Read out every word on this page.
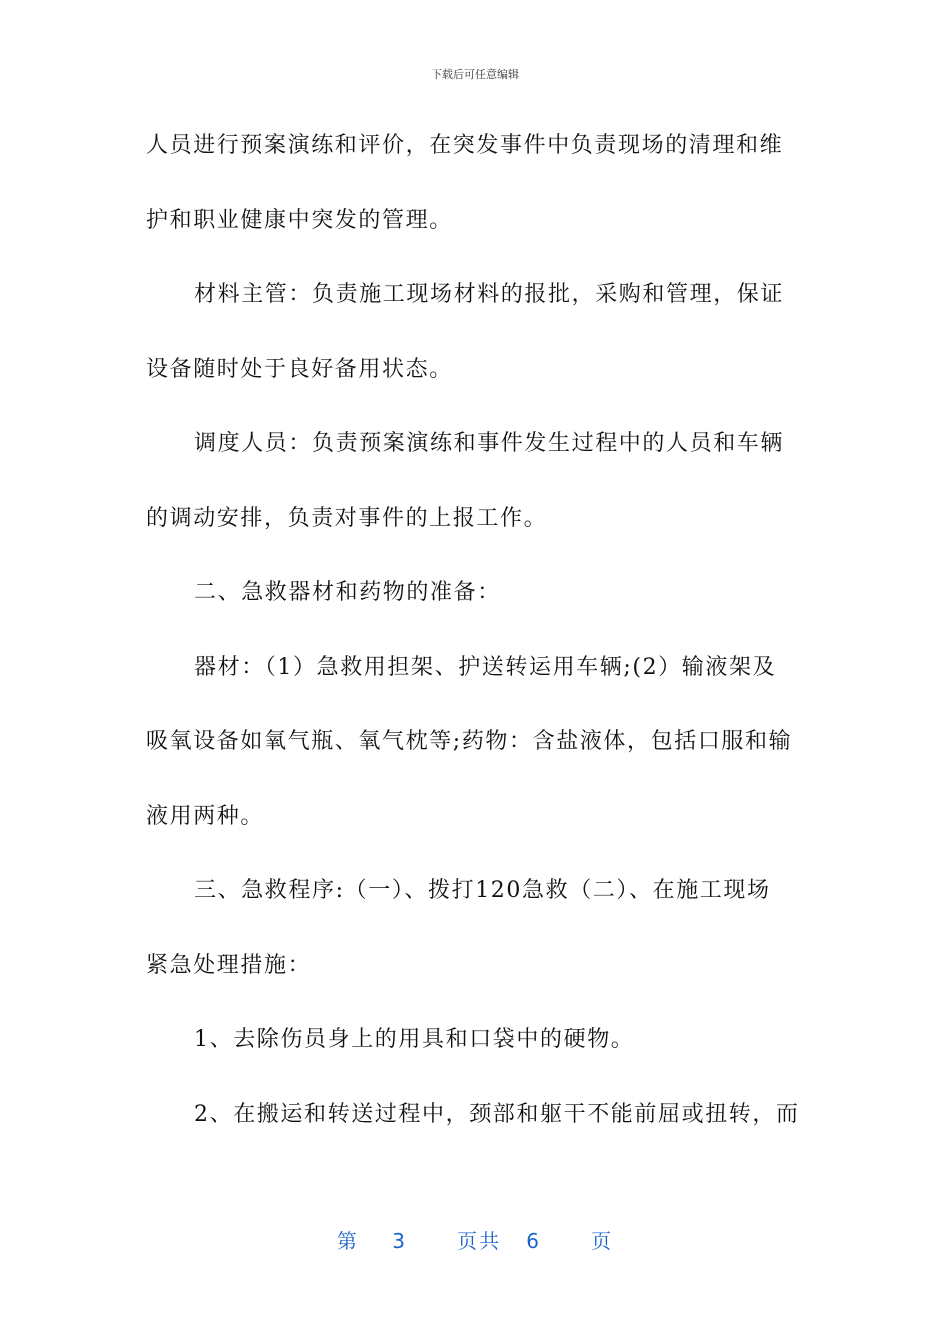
下载后可任意编辑
人员进行预案演练和评价，在突发事件中负责现场的清理和维
护和职业健康中突发的管理。
材料主管：负责施工现场材料的报批，采购和管理，保证
设备随时处于良好备用状态。
调度人员：负责预案演练和事件发生过程中的人员和车辆
的调动安排，负责对事件的上报工作。
二、急救器材和药物的准备：
器材：（1）急救用担架、护送转运用车辆;(2）输液架及
吸氧设备如氧气瓶、氧气枕等;药物：含盐液体，包括口服和输
液用两种。
三、急救程序:（一）、拨打120急救（二）、在施工现场
紧急处理措施：
1、去除伤员身上的用具和口袋中的硬物。
2、在搬运和转送过程中，颈部和躯干不能前屈或扭转，而
第 3	页共 6	页
